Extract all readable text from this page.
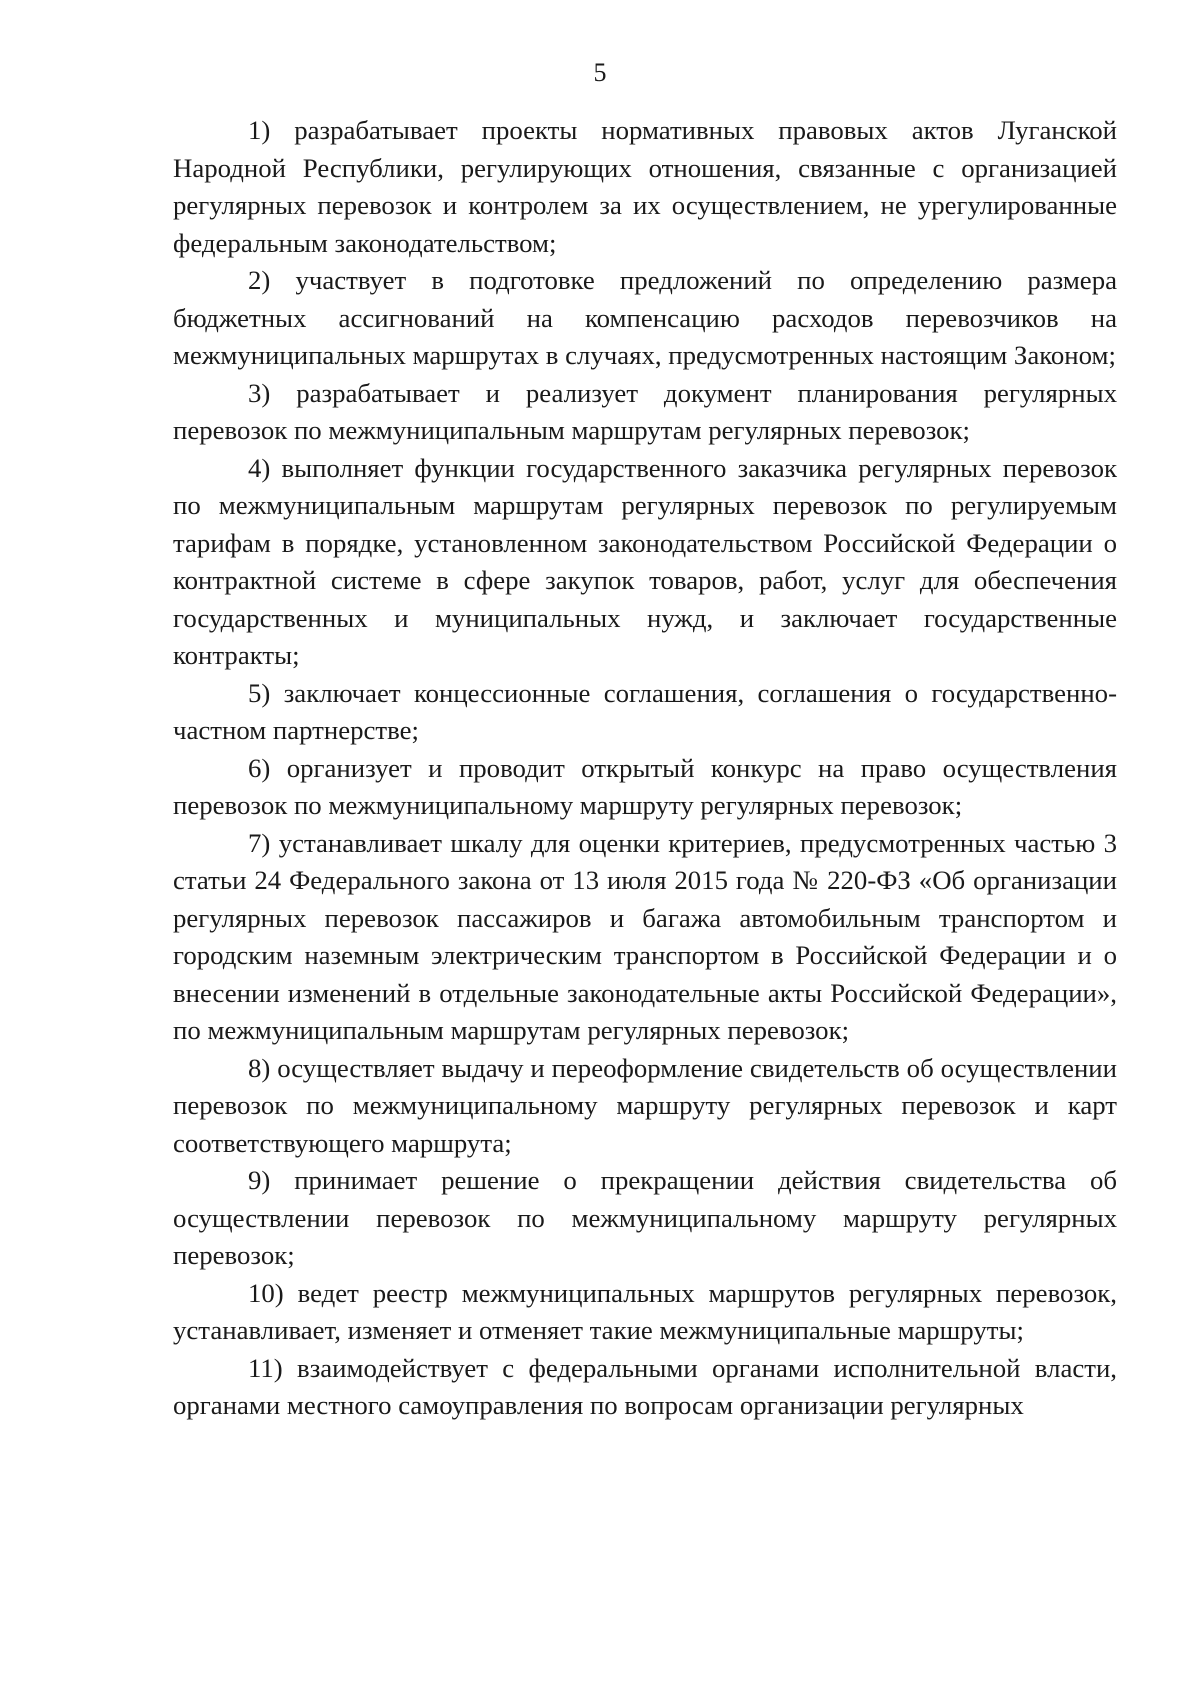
5

1) разрабатывает проекты нормативных правовых актов Луганской Народной Республики, регулирующих отношения, связанные с организацией регулярных перевозок и контролем за их осуществлением, не урегулированные федеральным законодательством;

2) участвует в подготовке предложений по определению размера бюджетных ассигнований на компенсацию расходов перевозчиков на межмуниципальных маршрутах в случаях, предусмотренных настоящим Законом;

3) разрабатывает и реализует документ планирования регулярных перевозок по межмуниципальным маршрутам регулярных перевозок;

4) выполняет функции государственного заказчика регулярных перевозок по межмуниципальным маршрутам регулярных перевозок по регулируемым тарифам в порядке, установленном законодательством Российской Федерации о контрактной системе в сфере закупок товаров, работ, услуг для обеспечения государственных и муниципальных нужд, и заключает государственные контракты;

5) заключает концессионные соглашения, соглашения о государственно-частном партнерстве;

6) организует и проводит открытый конкурс на право осуществления перевозок по межмуниципальному маршруту регулярных перевозок;

7) устанавливает шкалу для оценки критериев, предусмотренных частью 3 статьи 24 Федерального закона от 13 июля 2015 года № 220-ФЗ «Об организации регулярных перевозок пассажиров и багажа автомобильным транспортом и городским наземным электрическим транспортом в Российской Федерации и о внесении изменений в отдельные законодательные акты Российской Федерации», по межмуниципальным маршрутам регулярных перевозок;

8) осуществляет выдачу и переоформление свидетельств об осуществлении перевозок по межмуниципальному маршруту регулярных перевозок и карт соответствующего маршрута;

9) принимает решение о прекращении действия свидетельства об осуществлении перевозок по межмуниципальному маршруту регулярных перевозок;

10) ведет реестр межмуниципальных маршрутов регулярных перевозок, устанавливает, изменяет и отменяет такие межмуниципальные маршруты;

11) взаимодействует с федеральными органами исполнительной власти, органами местного самоуправления по вопросам организации регулярных
